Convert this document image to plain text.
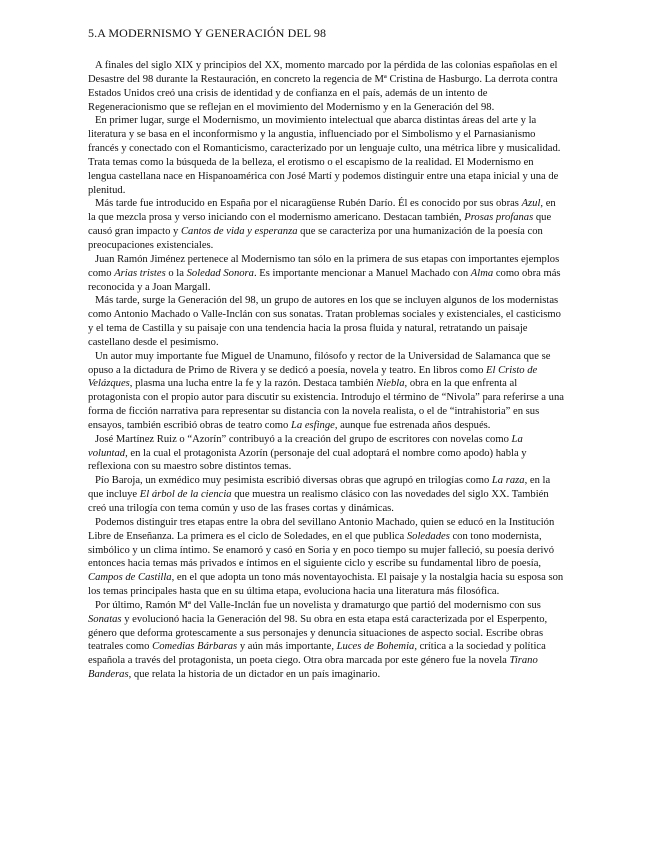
5.A MODERNISMO Y GENERACIÓN DEL 98

A finales del siglo XIX y principios del XX, momento marcado por la pérdida de las colonias españolas en el Desastre del 98 durante la Restauración, en concreto la regencia de Mª Cristina de Hasburgo. La derrota contra Estados Unidos creó una crisis de identidad y de confianza en el país, además de un intento de Regeneracionismo que se reflejan en el movimiento del Modernismo y en la Generación del 98.

En primer lugar, surge el Modernismo, un movimiento intelectual que abarca distintas áreas del arte y la literatura y se basa en el inconformismo y la angustia, influenciado por el Simbolismo y el Parnasianismo francés y conectado con el Romanticismo, caracterizado por un lenguaje culto, una métrica libre y musicalidad. Trata temas como la búsqueda de la belleza, el erotismo o el escapismo de la realidad. El Modernismo en lengua castellana nace en Hispanoamérica con José Martí y podemos distinguir entre una etapa inicial y una de plenitud.

Más tarde fue introducido en España por el nicaragüense Rubén Darío. Él es conocido por sus obras Azul, en la que mezcla prosa y verso iniciando con el modernismo americano. Destacan también, Prosas profanas que causó gran impacto y Cantos de vida y esperanza que se caracteriza por una humanización de la poesía con preocupaciones existenciales.

Juan Ramón Jiménez pertenece al Modernismo tan sólo en la primera de sus etapas con importantes ejemplos como Arias tristes o la Soledad Sonora. Es importante mencionar a Manuel Machado con Alma como obra más reconocida y a Joan Margall.

Más tarde, surge la Generación del 98, un grupo de autores en los que se incluyen algunos de los modernistas como Antonio Machado o Valle-Inclán con sus sonatas. Tratan problemas sociales y existenciales, el casticismo y el tema de Castilla y su paisaje con una tendencia hacia la prosa fluida y natural, retratando un paisaje castellano desde el pesimismo.

Un autor muy importante fue Miguel de Unamuno, filósofo y rector de la Universidad de Salamanca que se opuso a la dictadura de Primo de Rivera y se dedicó a poesía, novela y teatro. En libros como El Cristo de Velázques, plasma una lucha entre la fe y la razón. Destaca también Niebla, obra en la que enfrenta al protagonista con el propio autor para discutir su existencia. Introdujo el término de “Nivola” para referirse a una forma de ficción narrativa para representar su distancia con la novela realista, o el de “intrahistoria” en sus ensayos, también escribió obras de teatro como La esfinge, aunque fue estrenada años después.

José Martínez Ruiz o “Azorín” contribuyó a la creación del grupo de escritores con novelas como La voluntad, en la cual el protagonista Azorín (personaje del cual adoptará el nombre como apodo) habla y reflexiona con su maestro sobre distintos temas.

Pío Baroja, un exmédico muy pesimista escribió diversas obras que agrupó en trilogías como La raza, en la que incluye El árbol de la ciencia que muestra un realismo clásico con las novedades del siglo XX. También creó una trilogía con tema común y uso de las frases cortas y dinámicas.

Podemos distinguir tres etapas entre la obra del sevillano Antonio Machado, quien se educó en la Institución Libre de Enseñanza. La primera es el ciclo de Soledades, en el que publica Soledades con tono modernista, simbólico y un clima íntimo. Se enamoró y casó en Soria y en poco tiempo su mujer falleció, su poesía derivó entonces hacia temas más privados e íntimos en el siguiente ciclo y escribe su fundamental libro de poesía, Campos de Castilla, en el que adopta un tono más noventayochista. El paisaje y la nostalgia hacia su esposa son los temas principales hasta que en su última etapa, evoluciona hacia una literatura más filosófica.

Por último, Ramón Mª del Valle-Inclán fue un novelista y dramaturgo que partió del modernismo con sus Sonatas y evolucionó hacia la Generación del 98. Su obra en esta etapa está caracterizada por el Esperpento, género que deforma grotescamente a sus personajes y denuncia situaciones de aspecto social. Escribe obras teatrales como Comedias Bárbaras y aún más importante, Luces de Bohemia, crítica a la sociedad y política española a través del protagonista, un poeta ciego. Otra obra marcada por este género fue la novela Tirano Banderas, que relata la historia de un dictador en un país imaginario.
